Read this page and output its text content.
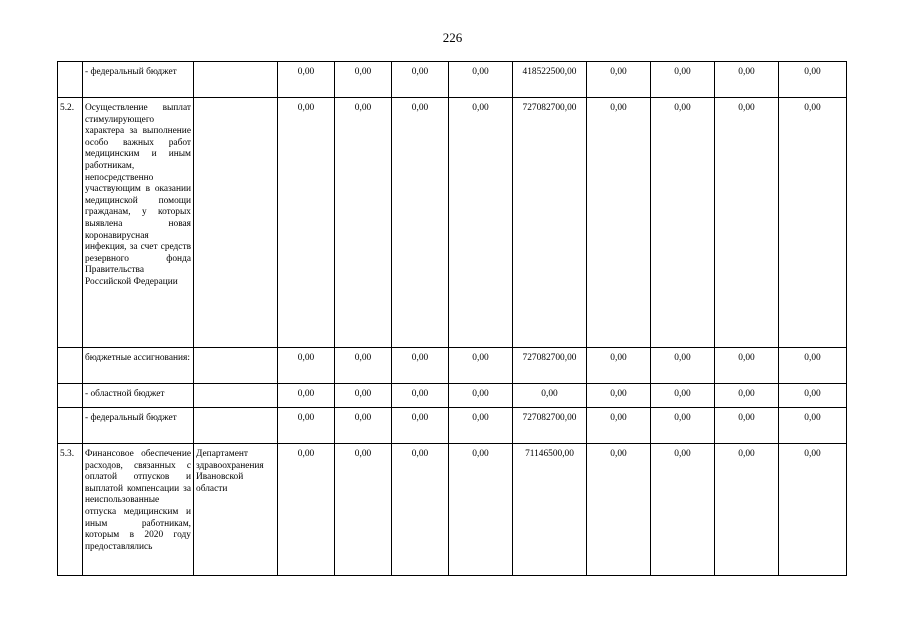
226
	- федеральный бюджет		0,00	0,00	0,00	0,00	418522500,00	0,00	0,00	0,00	0,00
5.2.	Осуществление выплат стимулирующего характера за выполнение особо важных работ медицинским и иным работникам, непосредственно участвующим в оказании медицинской помощи гражданам, у которых выявлена новая коронавирусная инфекция, за счет средств резервного фонда Правительства Российской Федерации		0,00	0,00	0,00	0,00	727082700,00	0,00	0,00	0,00	0,00
	бюджетные ассигнования:		0,00	0,00	0,00	0,00	727082700,00	0,00	0,00	0,00	0,00
	- областной бюджет		0,00	0,00	0,00	0,00	0,00	0,00	0,00	0,00	0,00
	- федеральный бюджет		0,00	0,00	0,00	0,00	727082700,00	0,00	0,00	0,00	0,00
5.3.	Финансовое обеспечение расходов, связанных с оплатой отпусков и выплатой компенсации за неиспользованные отпуска медицинским и иным работникам, которым в 2020 году предоставлялись	Департамент здравоохранения Ивановской области	0,00	0,00	0,00	0,00	71146500,00	0,00	0,00	0,00	0,00
